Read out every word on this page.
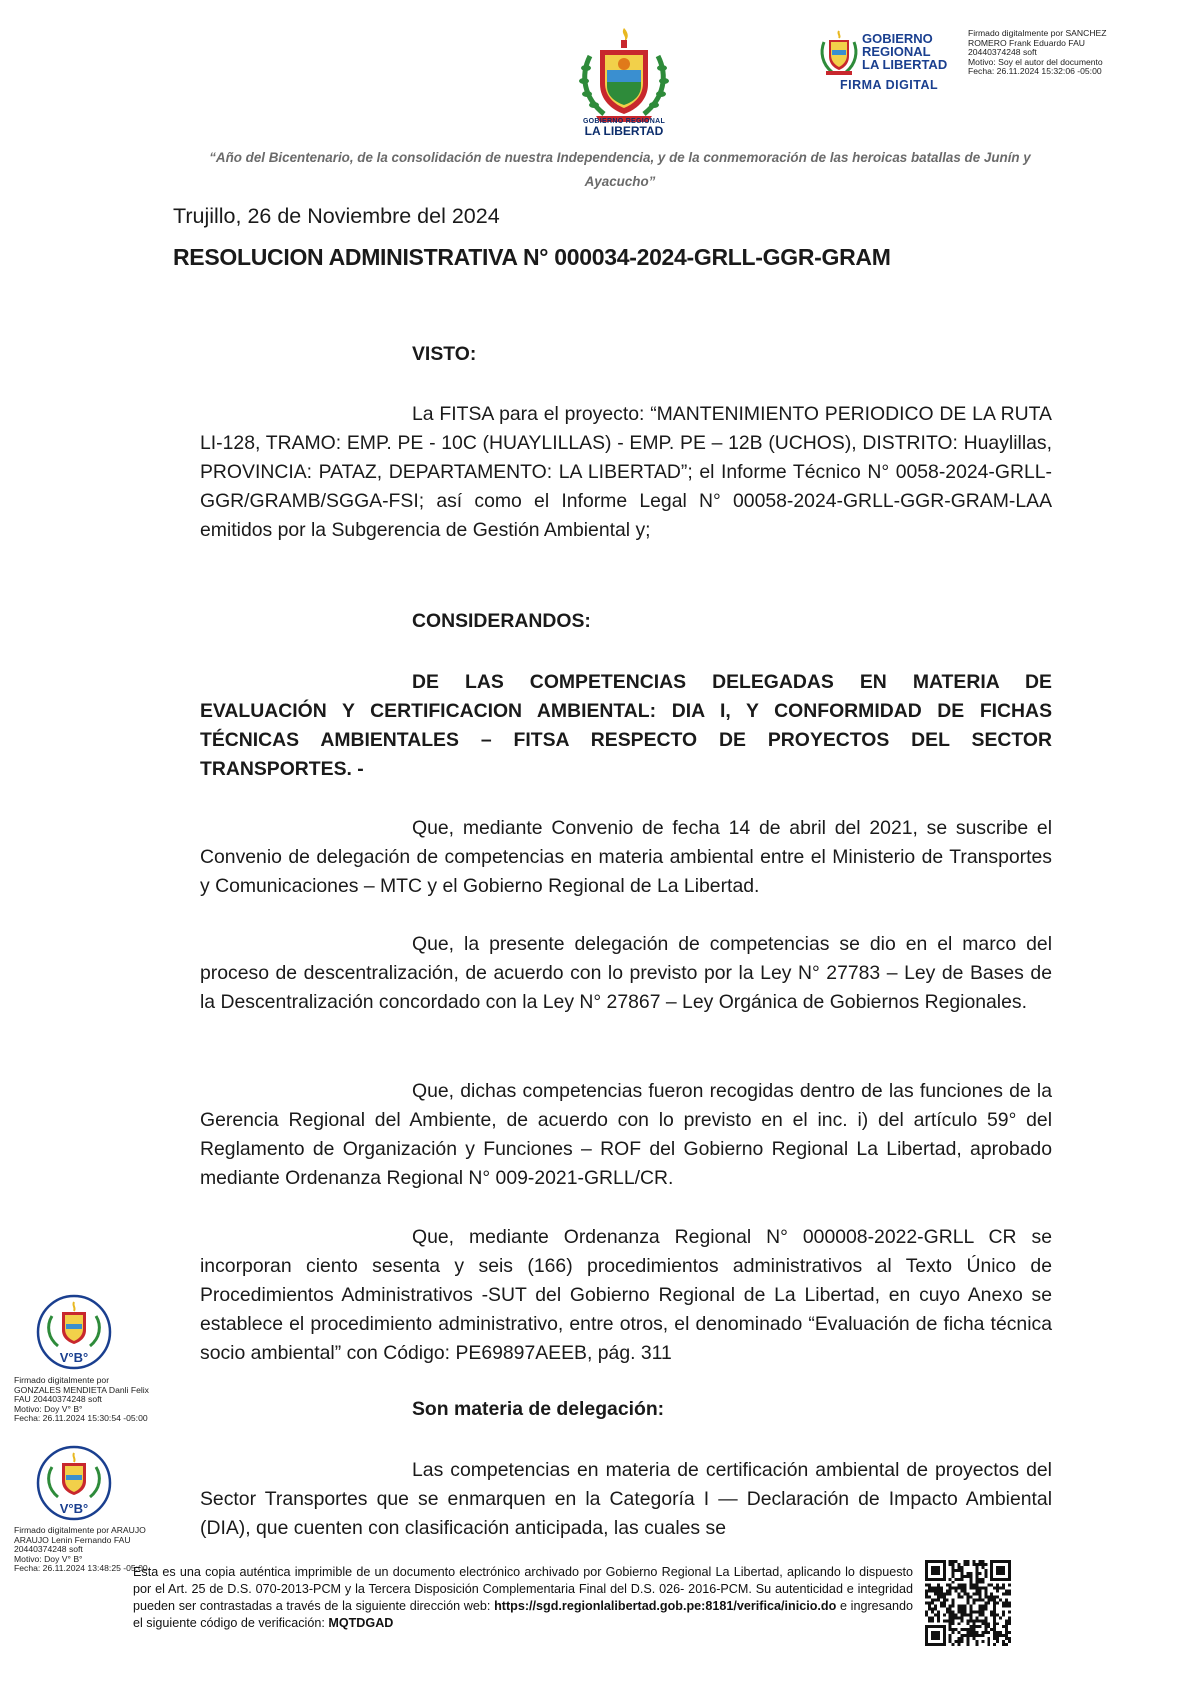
GOBIERNO REGIONAL
LA LIBERTAD
GOBIERNO
REGIONAL
LA LIBERTAD
FIRMA DIGITAL
Firmado digitalmente por SANCHEZ
ROMERO Frank Eduardo FAU
20440374248 soft
Motivo: Soy el autor del documento
Fecha: 26.11.2024 15:32:06 -05:00
“Año del Bicentenario, de la consolidación de nuestra Independencia, y de la conmemoración de las heroicas batallas de Junín y Ayacucho”
Trujillo, 26 de Noviembre del 2024
RESOLUCION ADMINISTRATIVA N° 000034-2024-GRLL-GGR-GRAM
VISTO:
La FITSA para el proyecto: “MANTENIMIENTO PERIODICO DE LA RUTA LI-128, TRAMO: EMP. PE - 10C (HUAYLILLAS) - EMP. PE – 12B (UCHOS), DISTRITO: Huaylillas, PROVINCIA: PATAZ, DEPARTAMENTO: LA LIBERTAD”; el Informe Técnico N° 0058-2024-GRLL-GGR/GRAMB/SGGA-FSI; así como el Informe Legal N° 00058-2024-GRLL-GGR-GRAM-LAA emitidos por la Subgerencia de Gestión Ambiental y;
CONSIDERANDOS:
DE LAS COMPETENCIAS DELEGADAS EN MATERIA DE EVALUACIÓN Y CERTIFICACION AMBIENTAL: DIA I, Y CONFORMIDAD DE FICHAS TÉCNICAS AMBIENTALES – FITSA RESPECTO DE PROYECTOS DEL SECTOR TRANSPORTES. -
Que, mediante Convenio de fecha 14 de abril del 2021, se suscribe el Convenio de delegación de competencias en materia ambiental entre el Ministerio de Transportes y Comunicaciones – MTC y el Gobierno Regional de La Libertad.
Que, la presente delegación de competencias se dio en el marco del proceso de descentralización, de acuerdo con lo previsto por la Ley N° 27783 – Ley de Bases de la Descentralización concordado con la Ley N° 27867 – Ley Orgánica de Gobiernos Regionales.
Que, dichas competencias fueron recogidas dentro de las funciones de la Gerencia Regional del Ambiente, de acuerdo con lo previsto en el inc. i) del artículo 59° del Reglamento de Organización y Funciones – ROF del Gobierno Regional La Libertad, aprobado mediante Ordenanza Regional N° 009-2021-GRLL/CR.
Que, mediante Ordenanza Regional N° 000008-2022-GRLL CR se incorporan ciento sesenta y seis (166) procedimientos administrativos al Texto Único de Procedimientos Administrativos -SUT del Gobierno Regional de La Libertad, en cuyo Anexo se establece el procedimiento administrativo, entre otros, el denominado “Evaluación de ficha técnica socio ambiental” con Código: PE69897AEEB, pág. 311
Son materia de delegación:
Las competencias en materia de certificación ambiental de proyectos del Sector Transportes que se enmarquen en la Categoría I — Declaración de Impacto Ambiental (DIA), que cuenten con clasificación anticipada, las cuales se
V°B°
Firmado digitalmente por
GONZALES MENDIETA Danli Felix
FAU 20440374248 soft
Motivo: Doy V° B°
Fecha: 26.11.2024 15:30:54 -05:00
V°B°
Firmado digitalmente por ARAUJO
ARAUJO Lenin Fernando FAU
20440374248 soft
Motivo: Doy V° B°
Fecha: 26.11.2024 13:48:25 -05:00
Esta es una copia auténtica imprimible de un documento electrónico archivado por Gobierno Regional La Libertad, aplicando lo dispuesto por el Art. 25 de D.S. 070-2013-PCM y la Tercera Disposición Complementaria Final del D.S. 026- 2016-PCM. Su autenticidad e integridad pueden ser contrastadas a través de la siguiente dirección web: https://sgd.regionlalibertad.gob.pe:8181/verifica/inicio.do e ingresando el siguiente código de verificación: MQTDGAD
